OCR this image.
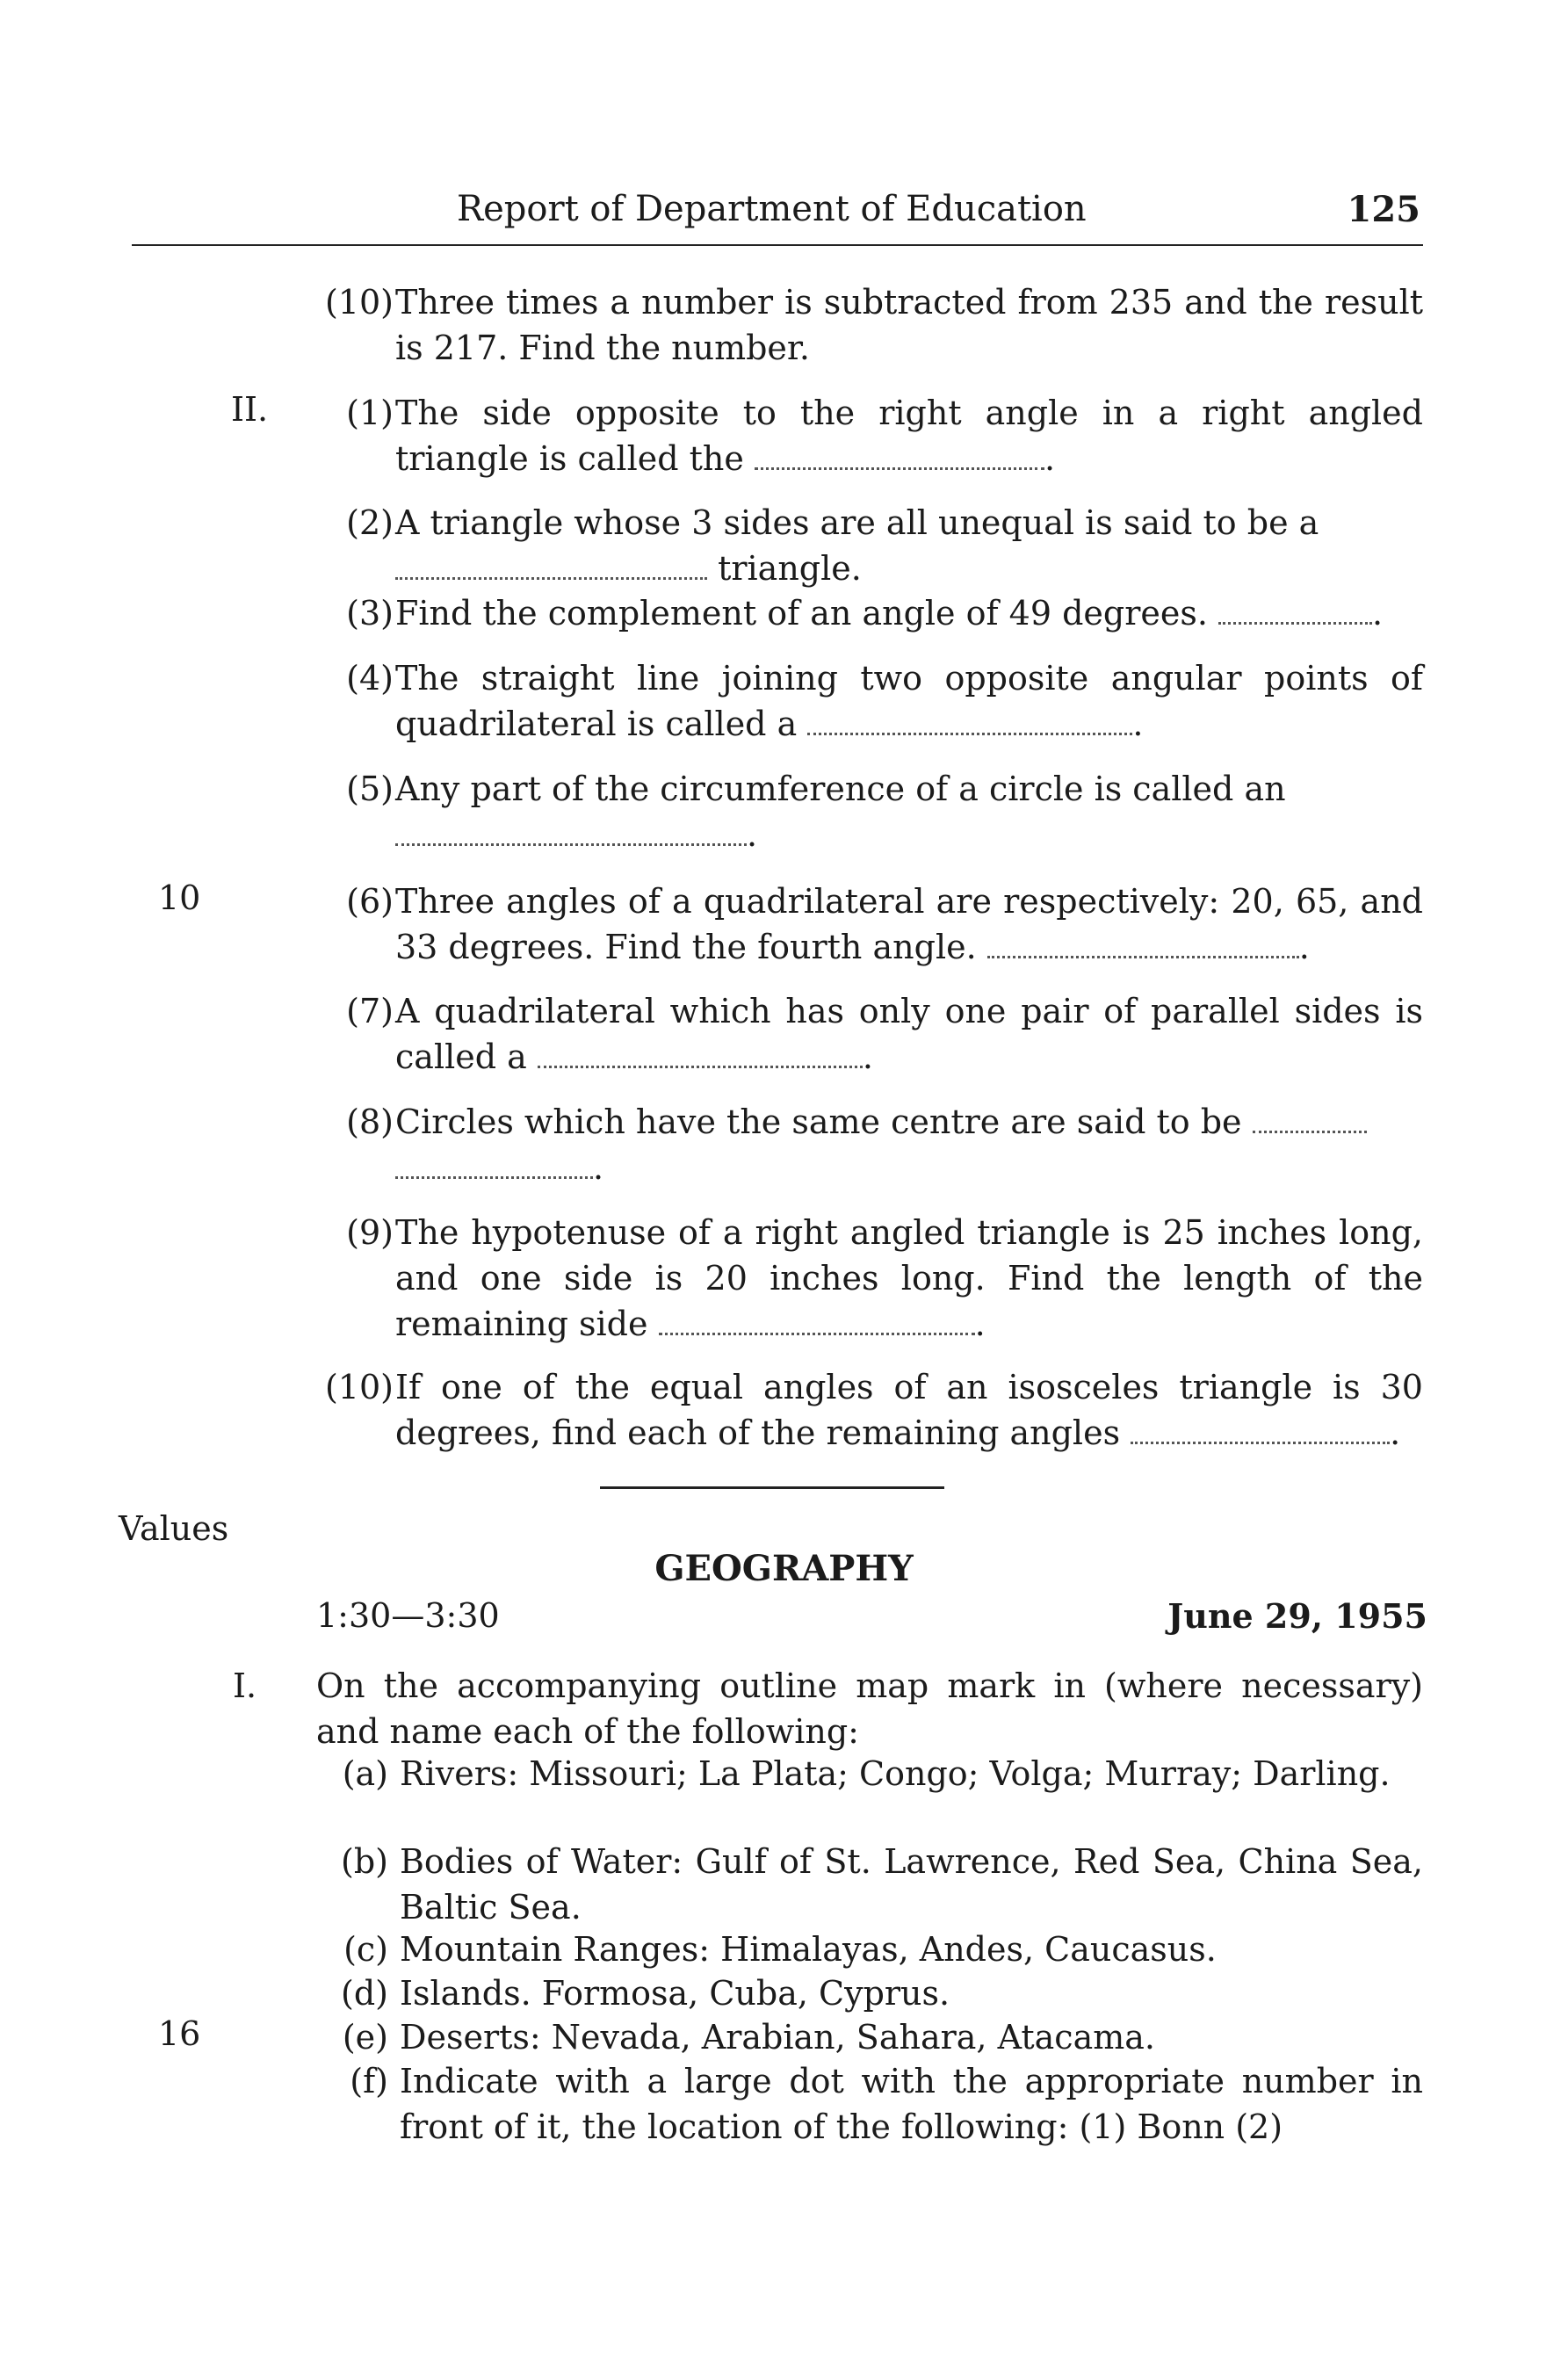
Report of Department of Education	125
(10) Three times a number is subtracted from 235 and the result is 217. Find the number.
II.	(1) The side opposite to the right angle in a right angled triangle is called the	.
(2) A triangle whose 3 sides are all unequal is said to be a
triangle.
(3) Find the complement of an angle of 49 degrees.	.
(4) The straight line joining two opposite angular points of quadrilateral is called a	.
(5) Any part of the circumference of a circle is called an
.
10	(6) Three angles of a quadrilateral are respectively: 20, 65, and 33 degrees. Find the fourth angle.	.
(7) A quadrilateral which has only one pair of parallel sides is called a	.
(8) Circles which have the same centre are said to be
.
(9) The hypotenuse of a right angled triangle is 25 inches long, and one side is 20 inches long. Find the length of the remaining side	.
(10) If one of the equal angles of an isosceles triangle is 30 degrees, find each of the remaining angles	.
Values
GEOGRAPHY
1:30—3:30	June 29, 1955
I. On the accompanying outline map mark in (where necessary) and name each of the following:
(a) Rivers: Missouri; La Plata; Congo; Volga; Murray; Darling.
(b) Bodies of Water: Gulf of St. Lawrence, Red Sea, China Sea, Baltic Sea.
(c) Mountain Ranges: Himalayas, Andes, Caucasus.
(d) Islands. Formosa, Cuba, Cyprus.
16	(e) Deserts: Nevada, Arabian, Sahara, Atacama.
(f) Indicate with a large dot with the appropriate number in front of it, the location of the following: (1) Bonn (2)
